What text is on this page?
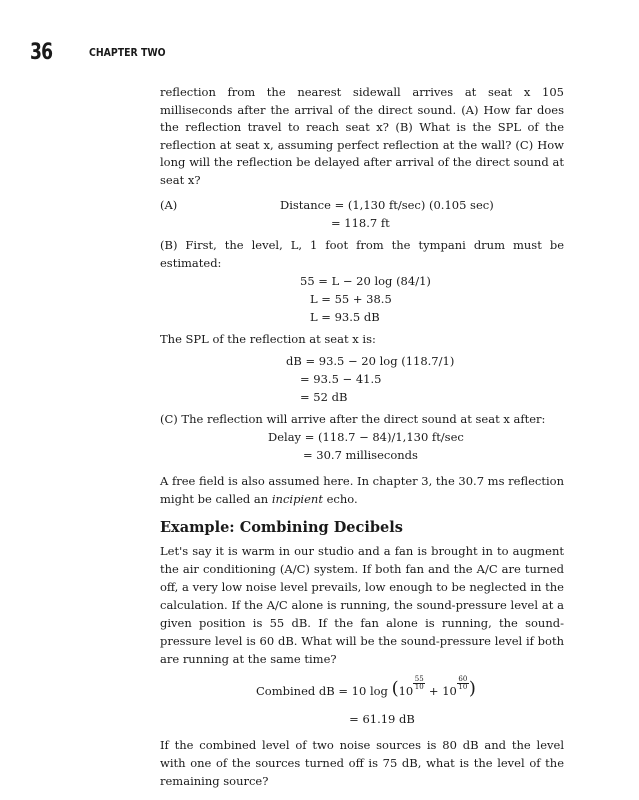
36	CHAPTER TWO

reflection from the nearest sidewall arrives at seat x 105 milliseconds after the arrival of the direct sound. (A) How far does the reflection travel to reach seat x? (B) What is the SPL of the reflection at seat x, assuming perfect reflection at the wall? (C) How long will the reflection be delayed after arrival of the direct sound at seat x?

(A)	Distance = (1,130 ft/sec) (0.105 sec)
= 118.7 ft

(B) First, the level, L, 1 foot from the tympani drum must be estimated:

55 = L − 20 log (84/1)
L = 55 + 38.5
L = 93.5 dB

The SPL of the reflection at seat x is:

dB = 93.5 − 20 log (118.7/1)
= 93.5 − 41.5
= 52 dB

(C) The reflection will arrive after the direct sound at seat x after:

Delay = (118.7 − 84)/1,130 ft/sec
= 30.7 milliseconds

A free field is also assumed here. In chapter 3, the 30.7 ms reflection might be called an incipient echo.

Example: Combining Decibels

Let's say it is warm in our studio and a fan is brought in to augment the air conditioning (A/C) system. If both fan and the A/C are turned off, a very low noise level prevails, low enough to be neglected in the calculation. If the A/C alone is running, the sound-pressure level at a given position is 55 dB. If the fan alone is running, the sound-pressure level is 60 dB. What will be the sound-pressure level if both are running at the same time?

Combined dB = 10 $\log (10 \frac{55}{10} + 10 \frac{60}{10}$ )
= 61.19 dB

If the combined level of two noise sources is 80 dB and the level with one of the sources turned off is 75 dB, what is the level of the remaining source?
